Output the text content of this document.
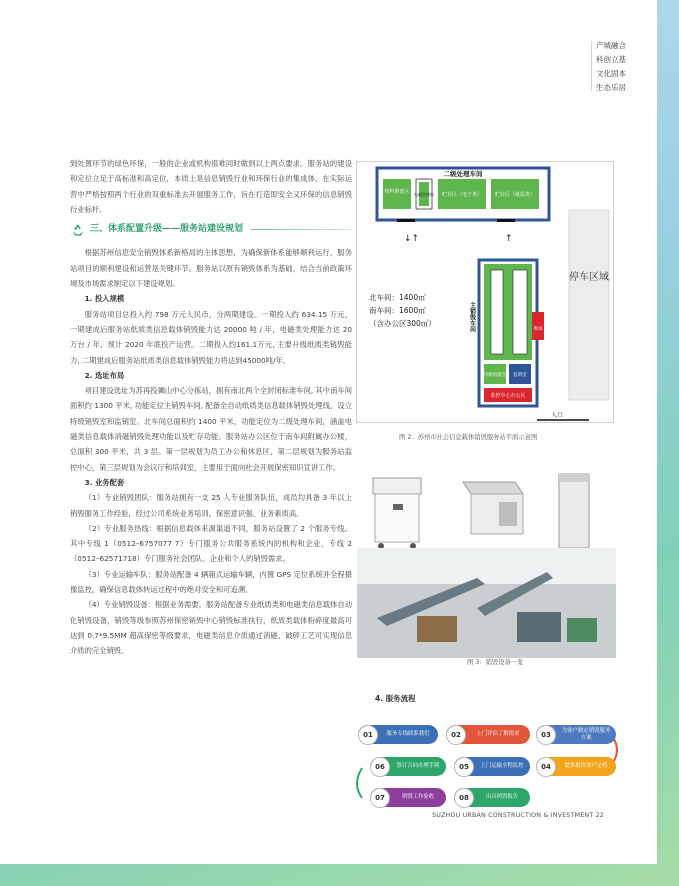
产城融合
科创立基
文化固本
生态乐居

到处置环节的绿色环保，一般的企业或机构很难同时做到以上两点要求。服务站的建设和定位立足于高标准和高定位，本质上是信息销毁行业和环保行业的集成体，在实际运营中严格按照两个行业的双重标准去开展服务工作，旨在打造即安全又环保的信息销毁行业标杆。

三、体系配置升级——服务站建设规划

根据苏州信息安全销毁体系新格局的主体思想，为确保新体系能够顺利运行，服务站项目的顺利建设和运营是关键环节。服务站以原有销毁体系为基础，结合当前政策环境及市场需求制定以下建设规划。

1. 投入规模

服务站项目总投入约 798 万元人民币，分两期建设。一期投入约 634.15 万元，一期建成后服务站纸质类信息载体销毁能力达 20000 吨 / 年，电磁类处理能力达 20 万台 / 年，预计 2020 年底投产运营。二期投入约161.1万元, 主要升级纸质类销毁能力, 二期建成后服务站纸质类信息载体销毁能力将达到45000吨/年。

2. 选址布局

项目建设选址为苏再投狮山中心分拣站，拥有南北两个全封闭标准车间, 其中南车间面积约 1300 平米, 功能定位主销毁车间, 配备全自动纸质类信息载体销毁处理线，设立特级销毁室和监销室。北车间总面积约 1400 平米，功能定位为二级处理车间，涵盖电磁类信息载体消磁销毁处理功能以及贮存功能。服务站办公区位于南车间附属办公楼，总面积 300 平米，共 3 层。第一层规划为员工办公和休息区，第二层规划为服务站监控中心，第三层规划为会议厅和培训室，主要用于面向社会开展保密知识宣讲工作。

3. 业务配套

（1）专业销毁团队：服务站拥有一支 25 人专业服务队伍，成员均具备 3 年以上销毁服务工作经验，经过公司系统业务培训，保密意识强、业务素质高。

（2）专业服务热线：根据信息载体来源渠道不同，服务站设置了 2 个服务专线。其中专线 1（0512–6757077 7）专门服务公共服务系统内的机构和企业，专线 2（0512–62571718）专门服务社会团队、企业和个人的销毁需求。

（3）专业运输车队：服务站配备 4 辆箱式运输车辆，内置 GPS 定位系统并全程摄像监控，确保信息载体转运过程中的绝对安全和可追溯。

（4）专业销毁设备：根据业务需要，服务站配备专业纸质类和电磁类信息载体自动化销毁设备，销毁等级参照苏州保密销毁中心销毁标准执行，纸质类载体粉碎度最高可达到 0.7*9.5MM 超高保密等级要求，电磁类信息介质通过消磁、破碎工艺可实现信息介质的完全销毁。

二级处理车间
物料堆放区 电磁类销毁 贮存区（电子类）	贮存区（纸质类）
↓↑	↑
北车间：1400㎡
南车间：1600㎡
（含办公区300㎡）	主销毁车间	堆场
特级销毁室 监销室
监控中心办公区
停车区域
入口
图 2：苏州市社会信息载体销毁服务站平面示意图
图 3：销毁设备一览
4. 服务流程
01	服务专线联系我们	02	上门评估了解需求	03	为客户制定销毁服务方案
04	提供报价客户定档
05	上门运输全程监控
06	签订合同办理手续
07	销毁工作验收	08	出具销毁报告
SUZHOU URBAN CONSTRUCTION & INVESTMENT 22
